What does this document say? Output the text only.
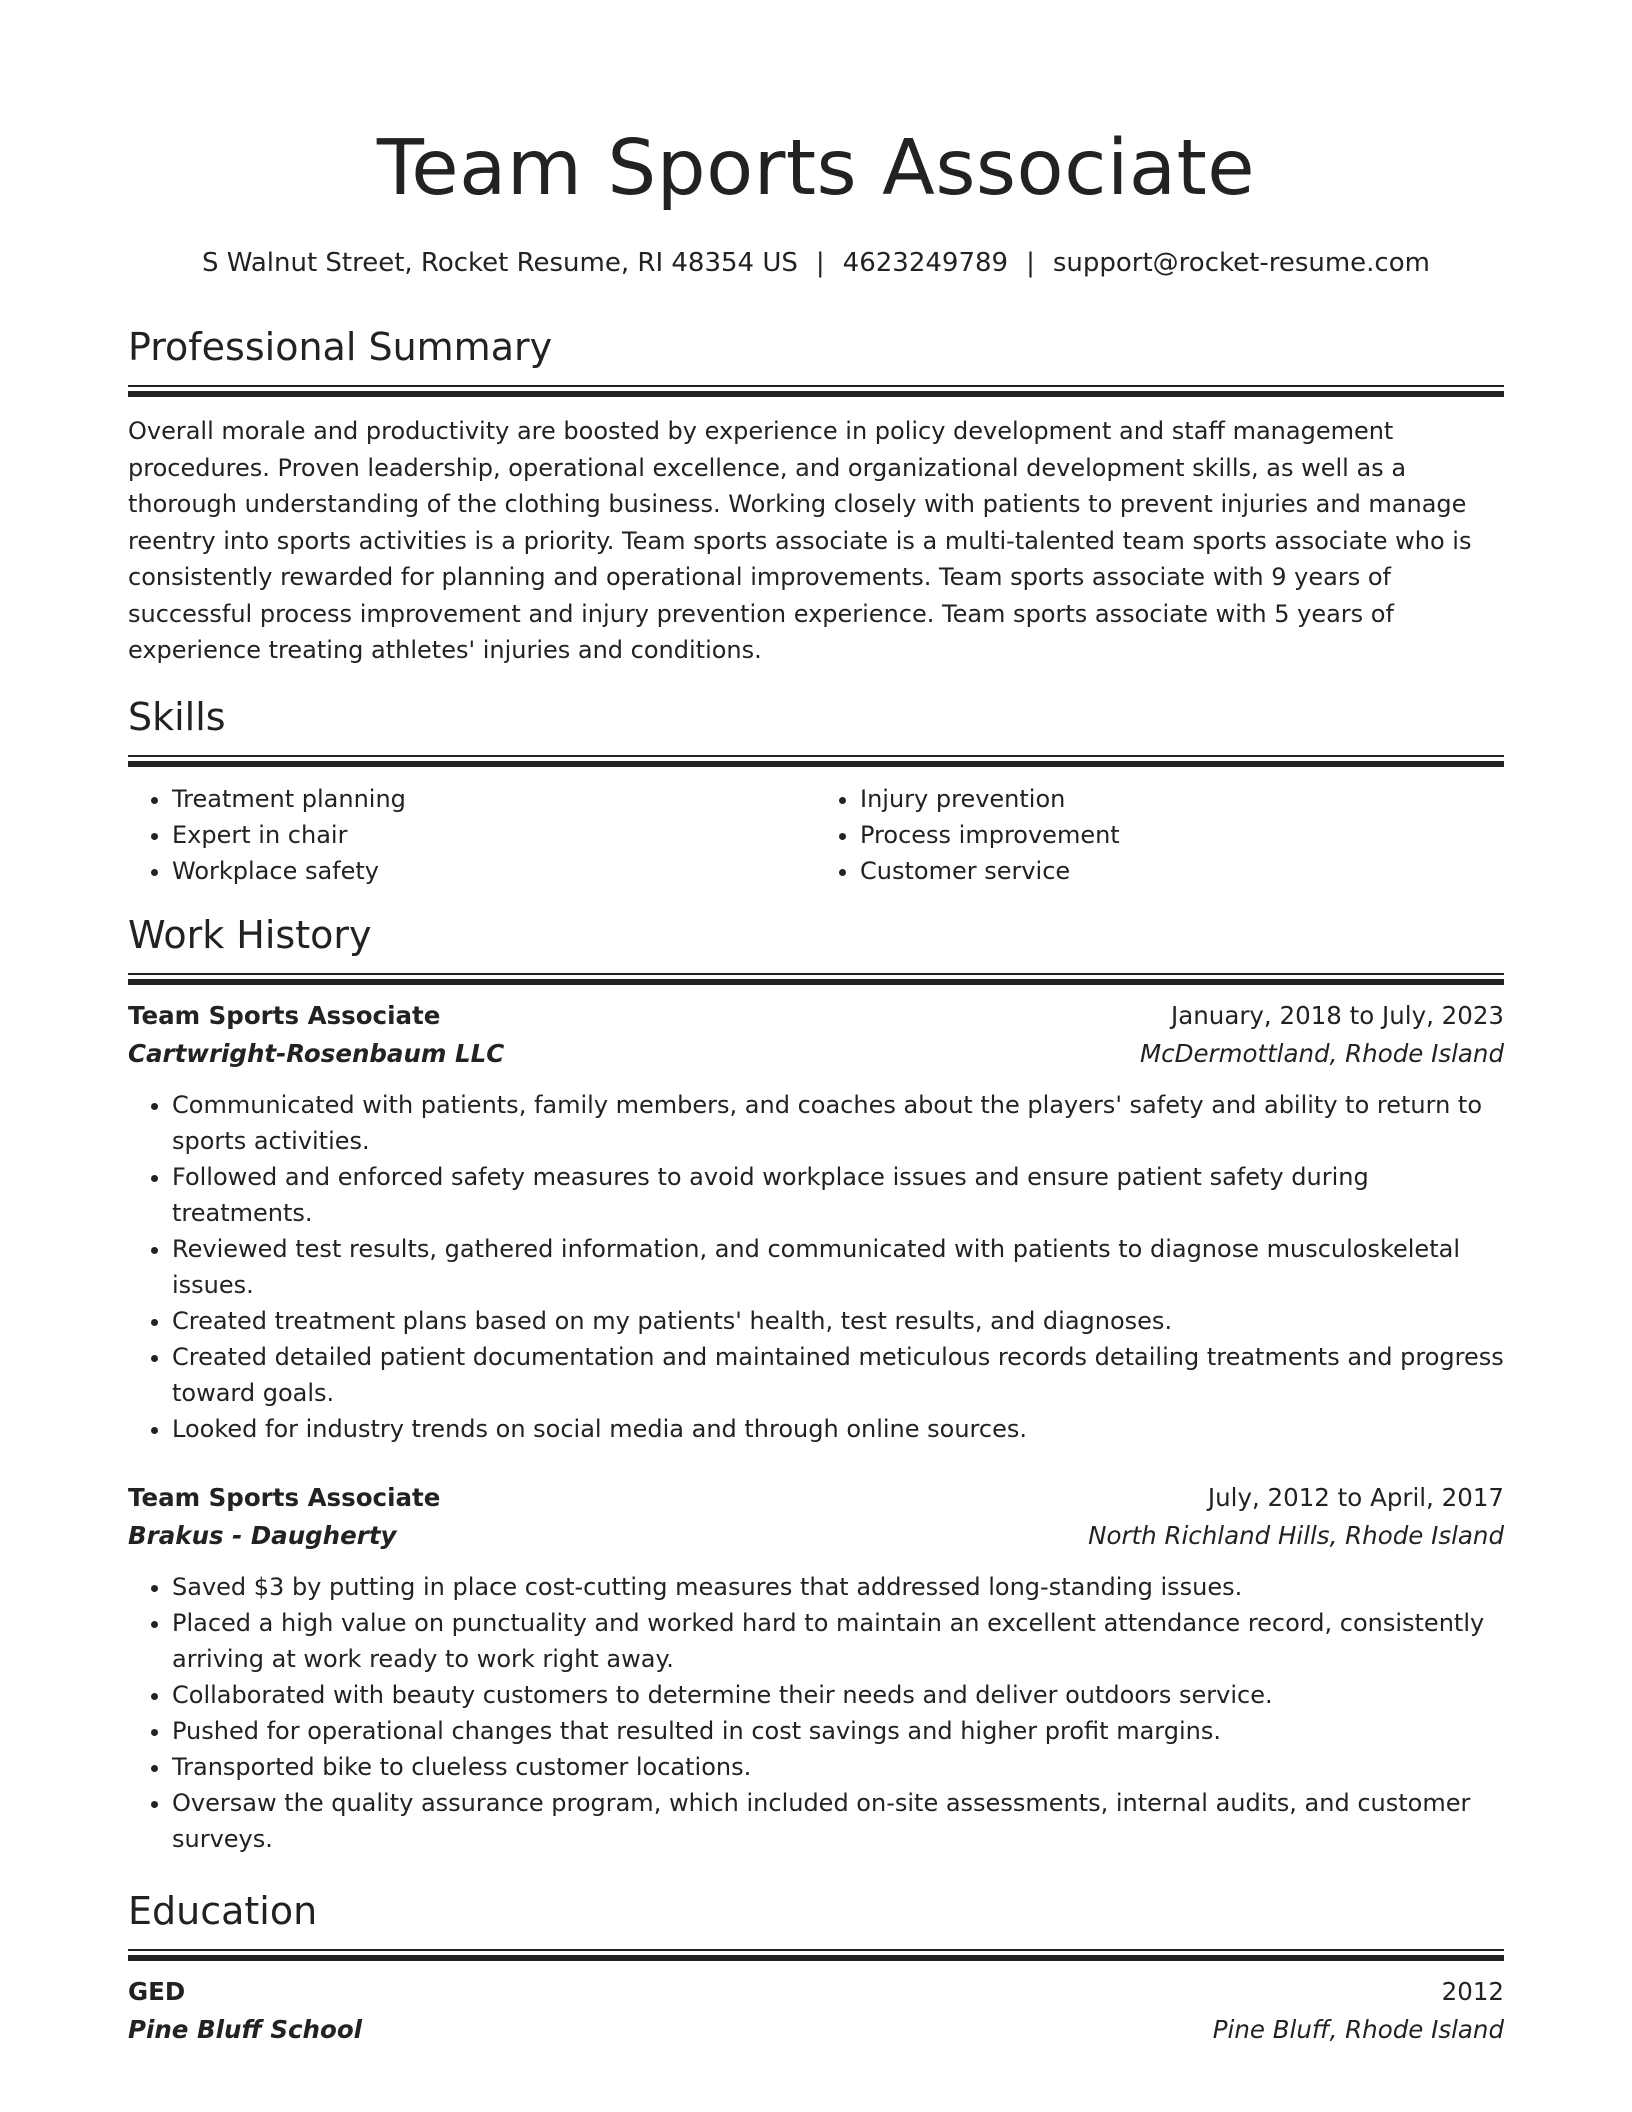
Team Sports Associate
S Walnut Street, Rocket Resume, RI 48354 US | 4623249789 | support@rocket-resume.com
Professional Summary
Overall morale and productivity are boosted by experience in policy development and staff management procedures. Proven leadership, operational excellence, and organizational development skills, as well as a thorough understanding of the clothing business. Working closely with patients to prevent injuries and manage reentry into sports activities is a priority. Team sports associate is a multi-talented team sports associate who is consistently rewarded for planning and operational improvements. Team sports associate with 9 years of successful process improvement and injury prevention experience. Team sports associate with 5 years of experience treating athletes' injuries and conditions.
Skills
• Treatment planning
• Expert in chair
• Workplace safety
• Injury prevention
• Process improvement
• Customer service
Work History
Team Sports Associate	January, 2018 to July, 2023
Cartwright-Rosenbaum LLC	McDermottland, Rhode Island
• Communicated with patients, family members, and coaches about the players' safety and ability to return to sports activities.
• Followed and enforced safety measures to avoid workplace issues and ensure patient safety during treatments.
• Reviewed test results, gathered information, and communicated with patients to diagnose musculoskeletal issues.
• Created treatment plans based on my patients' health, test results, and diagnoses.
• Created detailed patient documentation and maintained meticulous records detailing treatments and progress toward goals.
• Looked for industry trends on social media and through online sources.
Team Sports Associate	July, 2012 to April, 2017
Brakus - Daugherty	North Richland Hills, Rhode Island
• Saved $3 by putting in place cost-cutting measures that addressed long-standing issues.
• Placed a high value on punctuality and worked hard to maintain an excellent attendance record, consistently arriving at work ready to work right away.
• Collaborated with beauty customers to determine their needs and deliver outdoors service.
• Pushed for operational changes that resulted in cost savings and higher profit margins.
• Transported bike to clueless customer locations.
• Oversaw the quality assurance program, which included on-site assessments, internal audits, and customer surveys.
Education
GED	2012
Pine Bluff School	Pine Bluff, Rhode Island
